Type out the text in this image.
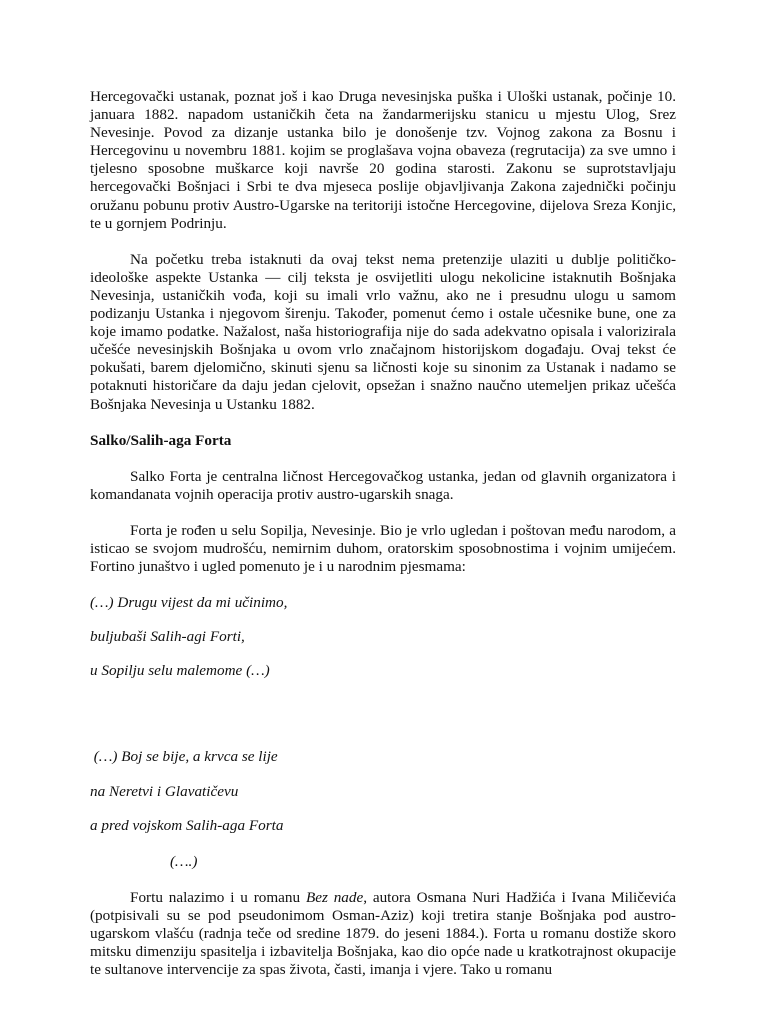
Hercegovački ustanak, poznat još i kao Druga nevesinjska puška i Uloški ustanak, počinje 10. januara 1882. napadom ustaničkih četa na žandarmerijsku stanicu u mjestu Ulog, Srez Nevesinje. Povod za dizanje ustanka bilo je donošenje tzv. Vojnog zakona za Bosnu i Hercegovinu u novembru 1881. kojim se proglašava vojna obaveza (regrutacija) za sve umno i tjelesno sposobne muškarce koji navrše 20 godina starosti. Zakonu se suprotstavljaju hercegovački Bošnjaci i Srbi te dva mjeseca poslije objavljivanja Zakona zajednički počinju oružanu pobunu protiv Austro-Ugarske na teritoriji istočne Hercegovine, dijelova Sreza Konjic, te u gornjem Podrinju.

Na početku treba istaknuti da ovaj tekst nema pretenzije ulaziti u dublje političko-ideološke aspekte Ustanka — cilj teksta je osvijetliti ulogu nekolicine istaknutih Bošnjaka Nevesinja, ustaničkih vođa, koji su imali vrlo važnu, ako ne i presudnu ulogu u samom podizanju Ustanka i njegovom širenju. Također, pomenut ćemo i ostale učesnike bune, one za koje imamo podatke. Nažalost, naša historiografija nije do sada adekvatno opisala i valorizirala učešće nevesinjskih Bošnjaka u ovom vrlo značajnom historijskom događaju. Ovaj tekst će pokušati, barem djelomično, skinuti sjenu sa ličnosti koje su sinonim za Ustanak i nadamo se potaknuti historičare da daju jedan cjelovit, opsežan i snažno naučno utemeljen prikaz učešća Bošnjaka Nevesinja u Ustanku 1882.

Salko/Salih-aga Forta

Salko Forta je centralna ličnost Hercegovačkog ustanka, jedan od glavnih organizatora i komandanata vojnih operacija protiv austro-ugarskih snaga.

Forta je rođen u selu Sopilja, Nevesinje. Bio je vrlo ugledan i poštovan među narodom, a isticao se svojom mudrošću, nemirnim duhom, oratorskim sposobnostima i vojnim umijećem. Fortino junaštvo i ugled pomenuto je i u narodnim pjesmama:

(…) Drugu vijest da mi učinimo,

buljubaši Salih-agi Forti,

u Sopilju selu malemome (…)

(…) Boj se bije, a krvca se lije

na Neretvi i Glavatičevu

a pred vojskom Salih-aga Forta

(….)

Fortu nalazimo i u romanu Bez nade, autora Osmana Nuri Hadžića i Ivana Miličevića (potpisivali su se pod pseudonimom Osman-Aziz) koji tretira stanje Bošnjaka pod austro-ugarskom vlašću (radnja teče od sredine 1879. do jeseni 1884.). Forta u romanu dostiže skoro mitsku dimenziju spasitelja i izbavitelja Bošnjaka, kao dio opće nade u kratkotrajnost okupacije te sultanove intervencije za spas života, časti, imanja i vjere. Tako u romanu
